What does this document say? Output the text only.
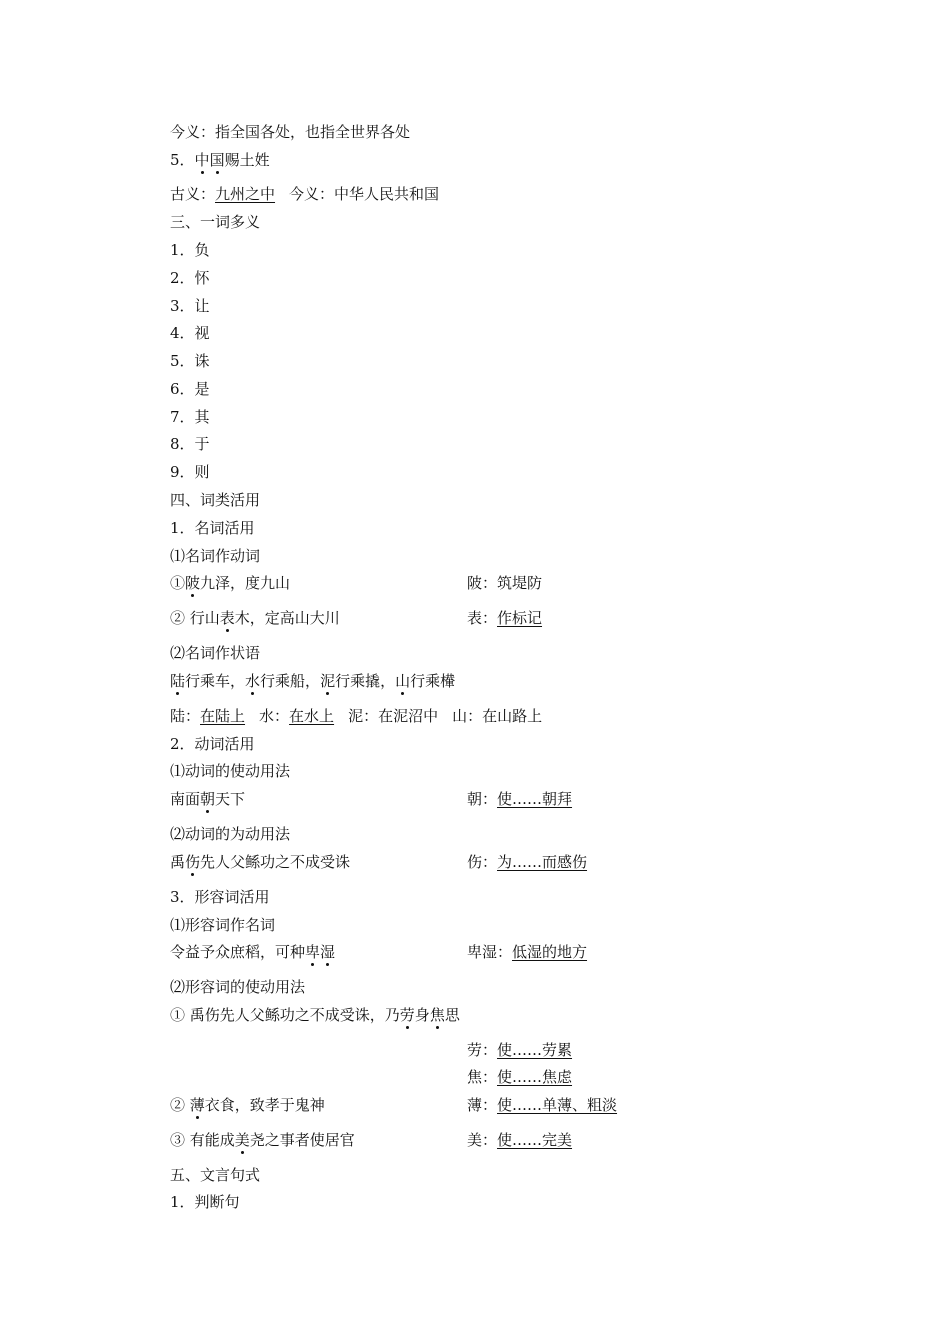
今义：指全国各处，也指全世界各处
5．中国赐土姓
古义：九州之中 今义：中华人民共和国
三、一词多义
1．负
2．怀
3．让
4．视
5．诛
6．是
7．其
8．于
9．则
四、词类活用
1．名词活用
⑴名词作动词
①陂九泽，度九山	陂：筑堤防
② 行山表木，定高山大川	表：作标记
⑵名词作状语
陆行乘车，水行乘船，泥行乘撬，山行乘檋
陆：在陆上 水：在水上 泥：在泥沼中 山：在山路上
2．动词活用
⑴动词的使动用法
南面朝天下	朝：使……朝拜
⑵动词的为动用法
禹伤先人父鲧功之不成受诛	伤：为……而感伤
3．形容词活用
⑴形容词作名词
令益予众庶稻，可种卑湿	卑湿：低湿的地方
⑵形容词的使动用法
① 禹伤先人父鲧功之不成受诛，乃劳身焦思
劳：使……劳累
焦：使……焦虑
② 薄衣食，致孝于鬼神	薄：使……单薄、粗淡
③ 有能成美尧之事者使居官	美：使……完美
五、文言句式
1．判断句
